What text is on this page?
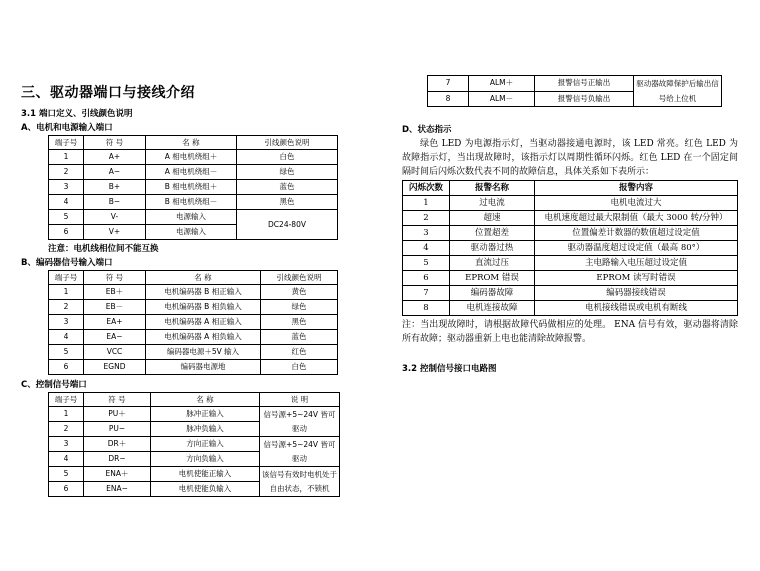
三、驱动器端口与接线介绍
3.1 端口定义、引线颜色说明
A、电机和电源输入端口
端子号	符 号	名 称	引线颜色说明
1	A+	A 相电机绕组＋	白色
2	A−	A 相电机绕组－	绿色
3	B+	B 相电机绕组＋	蓝色
4	B−	B 相电机绕组－	黑色
5	V-	电源输入	DC24-80V
6	V+	电源输入	
注意：电机线相位间不能互换
B、编码器信号输入端口
端子号	符 号	名 称	引线颜色说明
1	EB＋	电机编码器 B 相正输入	黄色
2	EB－	电机编码器 B 相负输入	绿色
3	EA+	电机编码器 A 相正输入	黑色
4	EA−	电机编码器 A 相负输入	蓝色
5	VCC	编码器电源＋5V 输入	红色
6	EGND	编码器电源地	白色
C、控制信号端口
端子号	符 号	名 称	说 明
1	PU＋	脉冲正输入	信号源+5~24V 皆可驱动
2	PU−	脉冲负输入	
3	DR＋	方向正输入	信号源+5~24V 皆可驱动
4	DR−	方向负输入	
5	ENA＋	电机使能正输入	该信号有效时电机处于自由状态，不锁机
6	ENA−	电机使能负输入	
7	ALM＋	报警信号正输出	驱动器故障保护后输出信号给上位机
8	ALM－	报警信号负输出	
D、状态指示
绿色 LED 为电源指示灯，当驱动器接通电源时，该 LED 常亮。红色 LED 为故障指示灯，当出现故障时，该指示灯以周期性循环闪烁。红色 LED 在一个固定间隔时间后闪烁次数代表不同的故障信息，具体关系如下表所示：
闪烁次数	报警名称	报警内容
1	过电流	电机电流过大
2	超速	电机速度超过最大限制值（最大 3000 转/分钟）
3	位置超差	位置偏差计数器的数值超过设定值
4	驱动器过热	驱动器温度超过设定值（最高 80°）
5	直流过压	主电路输入电压超过设定值
6	EPROM 错误	EPROM 读写时错误
7	编码器故障	编码器接线错误
8	电机连接故障	电机接线错误或电机有断线
注：当出现故障时，请根据故障代码做相应的处理。 ENA 信号有效，驱动器将清除所有故障；驱动器重新上电也能清除故障报警。
3.2 控制信号接口电路图
